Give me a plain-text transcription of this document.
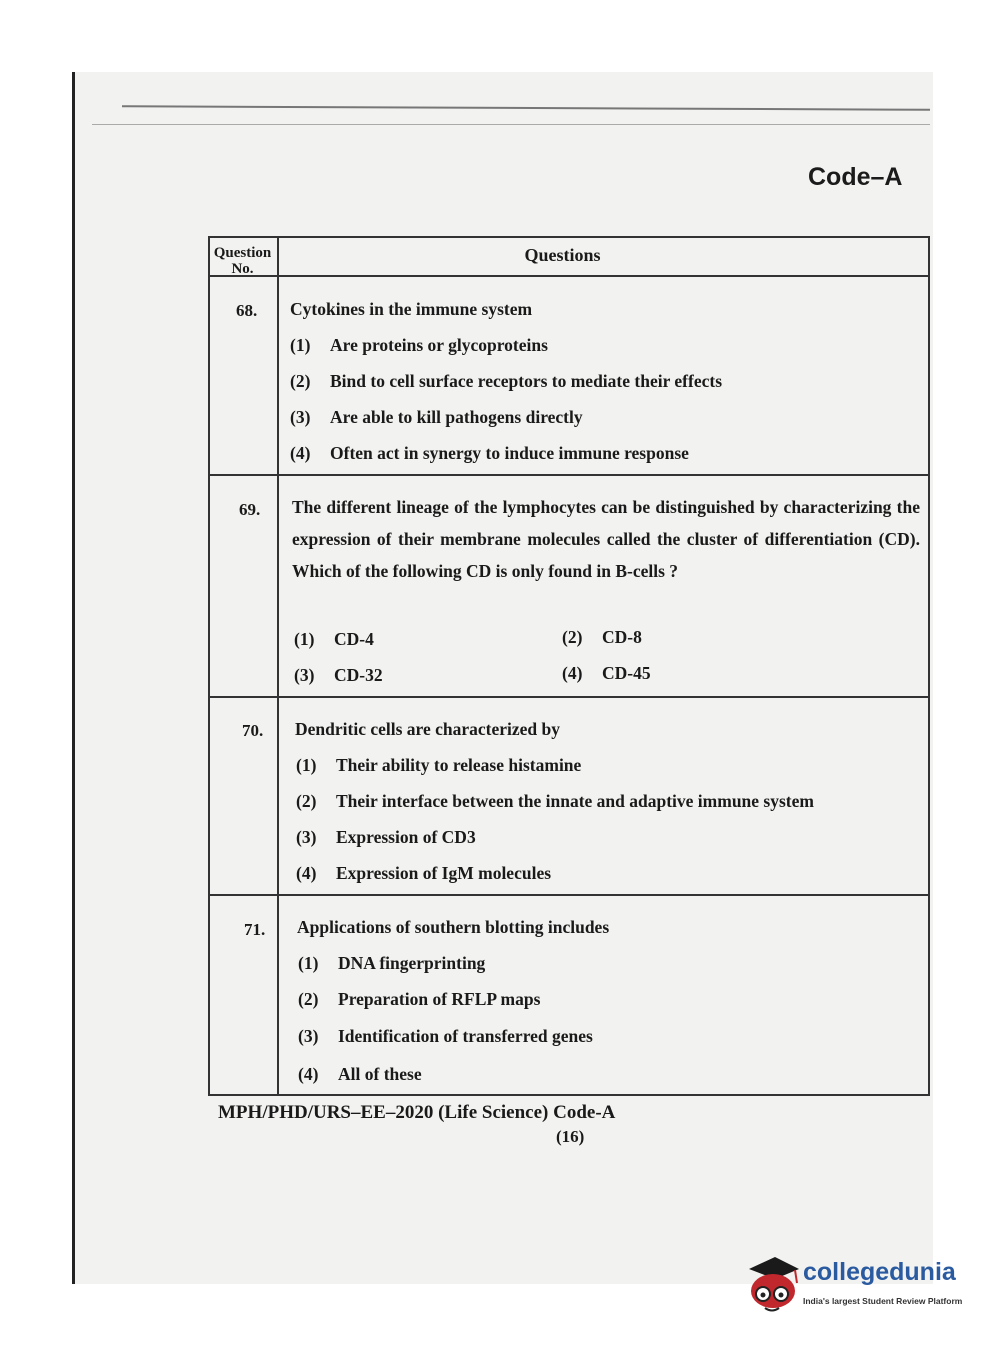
Code–A
Question No.
Questions
68. Cytokines in the immune system
(1) Are proteins or glycoproteins
(2) Bind to cell surface receptors to mediate their effects
(3) Are able to kill pathogens directly
(4) Often act in synergy to induce immune response
69. The different lineage of the lymphocytes can be distinguished by characterizing the expression of their membrane molecules called the cluster of differentiation (CD). Which of the following CD is only found in B-cells ?
(1) CD-4	(2) CD-8
(3) CD-32	(4) CD-45
70. Dendritic cells are characterized by
(1) Their ability to release histamine
(2) Their interface between the innate and adaptive immune system
(3) Expression of CD3
(4) Expression of IgM molecules
71. Applications of southern blotting includes
(1) DNA fingerprinting
(2) Preparation of RFLP maps
(3) Identification of transferred genes
(4) All of these
MPH/PHD/URS–EE–2020 (Life Science) Code-A
(16)
collegedunia
India's largest Student Review Platform
